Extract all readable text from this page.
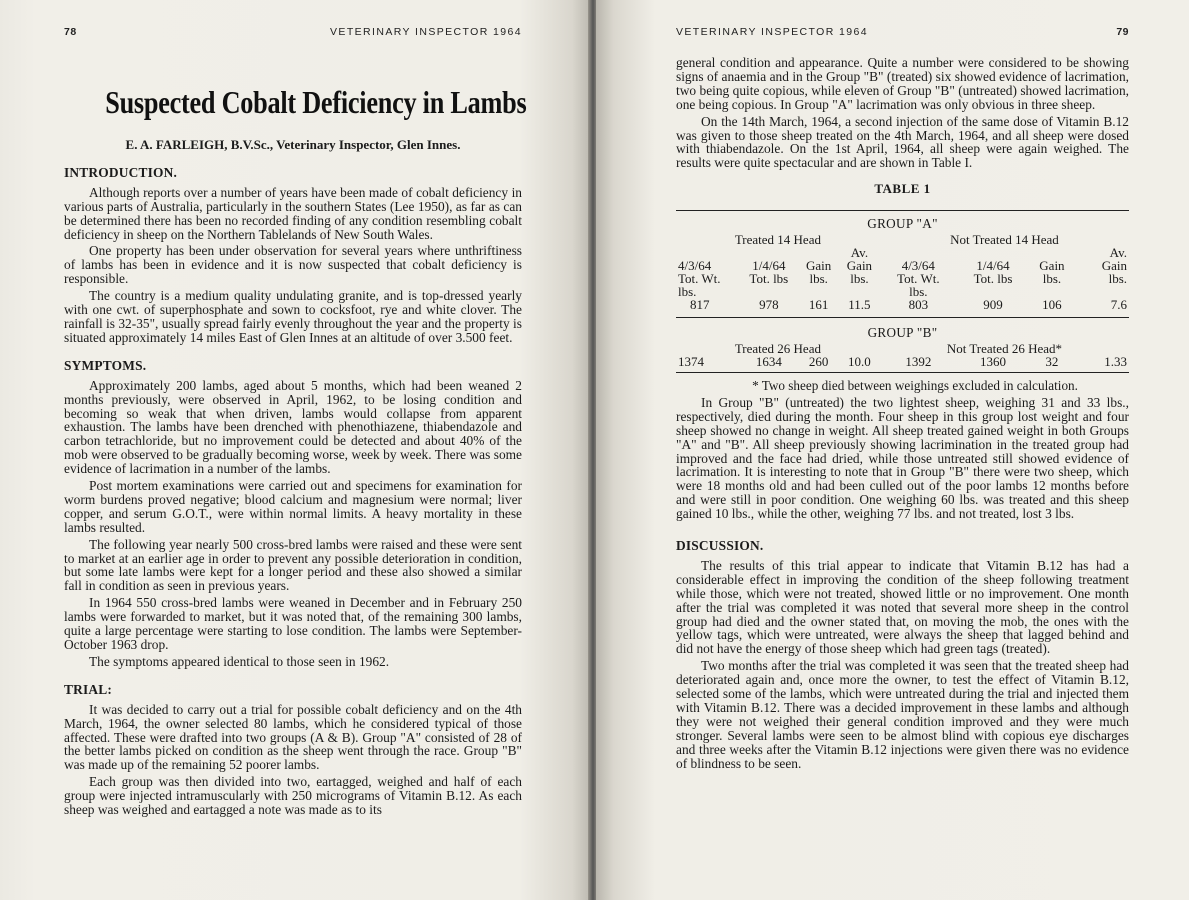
78	VETERINARY INSPECTOR 1964
Suspected Cobalt Deficiency in Lambs
E. A. FARLEIGH, B.V.Sc., Veterinary Inspector, Glen Innes.
INTRODUCTION.

Although reports over a number of years have been made of cobalt deficiency in various parts of Australia, particularly in the southern States (Lee 1950), as far as can be determined there has been no recorded finding of any condition resembling cobalt deficiency in sheep on the Northern Tablelands of New South Wales.

One property has been under observation for several years where unthriftiness of lambs has been in evidence and it is now suspected that cobalt deficiency is responsible.

The country is a medium quality undulating granite, and is top-dressed yearly with one cwt. of superphosphate and sown to cocksfoot, rye and white clover. The rainfall is 32-35", usually spread fairly evenly throughout the year and the property is situated approximately 14 miles East of Glen Innes at an altitude of over 3.500 feet.

SYMPTOMS.

Approximately 200 lambs, aged about 5 months, which had been weaned 2 months previously, were observed in April, 1962, to be losing condition and becoming so weak that when driven, lambs would collapse from apparent exhaustion. The lambs have been drenched with phenothiazene, thiabendazole and carbon tetrachloride, but no improvement could be detected and about 40% of the mob were observed to be gradually becoming worse, week by week. There was some evidence of lacrimation in a number of the lambs.

Post mortem examinations were carried out and specimens for examination for worm burdens proved negative; blood calcium and magnesium were normal; liver copper, and serum G.O.T., were within normal limits. A heavy mortality in these lambs resulted.

The following year nearly 500 cross-bred lambs were raised and these were sent to market at an earlier age in order to prevent any possible deterioration in condition, but some late lambs were kept for a longer period and these also showed a similar fall in condition as seen in previous years.

In 1964 550 cross-bred lambs were weaned in December and in February 250 lambs were forwarded to market, but it was noted that, of the remaining 300 lambs, quite a large percentage were starting to lose condition. The lambs were September-October 1963 drop.

The symptoms appeared identical to those seen in 1962.

TRIAL:

It was decided to carry out a trial for possible cobalt deficiency and on the 4th March, 1964, the owner selected 80 lambs, which he considered typical of those affected. These were drafted into two groups (A & B). Group "A" consisted of 28 of the better lambs picked on condition as the sheep went through the race. Group "B" was made up of the remaining 52 poorer lambs.

Each group was then divided into two, eartagged, weighed and half of each group were injected intramuscularly with 250 micrograms of Vitamin B.12. As each sheep was weighed and eartagged a note was made as to its

VETERINARY INSPECTOR 1964	79

general condition and appearance. Quite a number were considered to be showing signs of anaemia and in the Group "B" (treated) six showed evidence of lacrimation, two being quite copious, while eleven of Group "B" (untreated) showed lacrimation, one being copious. In Group "A" lacrimation was only obvious in three sheep.

On the 14th March, 1964, a second injection of the same dose of Vitamin B.12 was given to those sheep treated on the 4th March, 1964, and all sheep were dosed with thiabendazole. On the 1st April, 1964, all sheep were again weighed. The results were quite spectacular and are shown in Table I.

TABLE 1
GROUP "A"
Treated 14 Head				Not Treated 14 Head			
			Av.				Av.
4/3/64	1/4/64	Gain	Gain	4/3/64	1/4/64	Gain	Gain
Tot. Wt.	Tot. lbs	lbs.	lbs.	Tot. Wt.	Tot. lbs	lbs.	lbs.
lbs.				lbs.			
817	978	161	11.5	803	909	106	7.6
GROUP "B"
Treated 26 Head				Not Treated 26 Head*			
1374	1634	260	10.0	1392	1360	32	1.33

* Two sheep died between weighings excluded in calculation.

In Group "B" (untreated) the two lightest sheep, weighing 31 and 33 lbs., respectively, died during the month. Four sheep in this group lost weight and four sheep showed no change in weight. All sheep treated gained weight in both Groups "A" and "B". All sheep previously showing lacrimination in the treated group had improved and the face had dried, while those untreated still showed evidence of lacrimation. It is interesting to note that in Group "B" there were two sheep, which were 18 months old and had been culled out of the poor lambs 12 months before and were still in poor condition. One weighing 60 lbs. was treated and this sheep gained 10 lbs., while the other, weighing 77 lbs. and not treated, lost 3 lbs.

DISCUSSION.

The results of this trial appear to indicate that Vitamin B.12 has had a considerable effect in improving the condition of the sheep following treatment while those, which were not treated, showed little or no improvement. One month after the trial was completed it was noted that several more sheep in the control group had died and the owner stated that, on moving the mob, the ones with the yellow tags, which were untreated, were always the sheep that lagged behind and did not have the energy of those sheep which had green tags (treated).

Two months after the trial was completed it was seen that the treated sheep had deteriorated again and, once more the owner, to test the effect of Vitamin B.12, selected some of the lambs, which were untreated during the trial and injected them with Vitamin B.12. There was a decided improvement in these lambs and although they were not weighed their general condition improved and they were much stronger. Several lambs were seen to be almost blind with copious eye discharges and three weeks after the Vitamin B.12 injections were given there was no evidence of blindness to be seen.
